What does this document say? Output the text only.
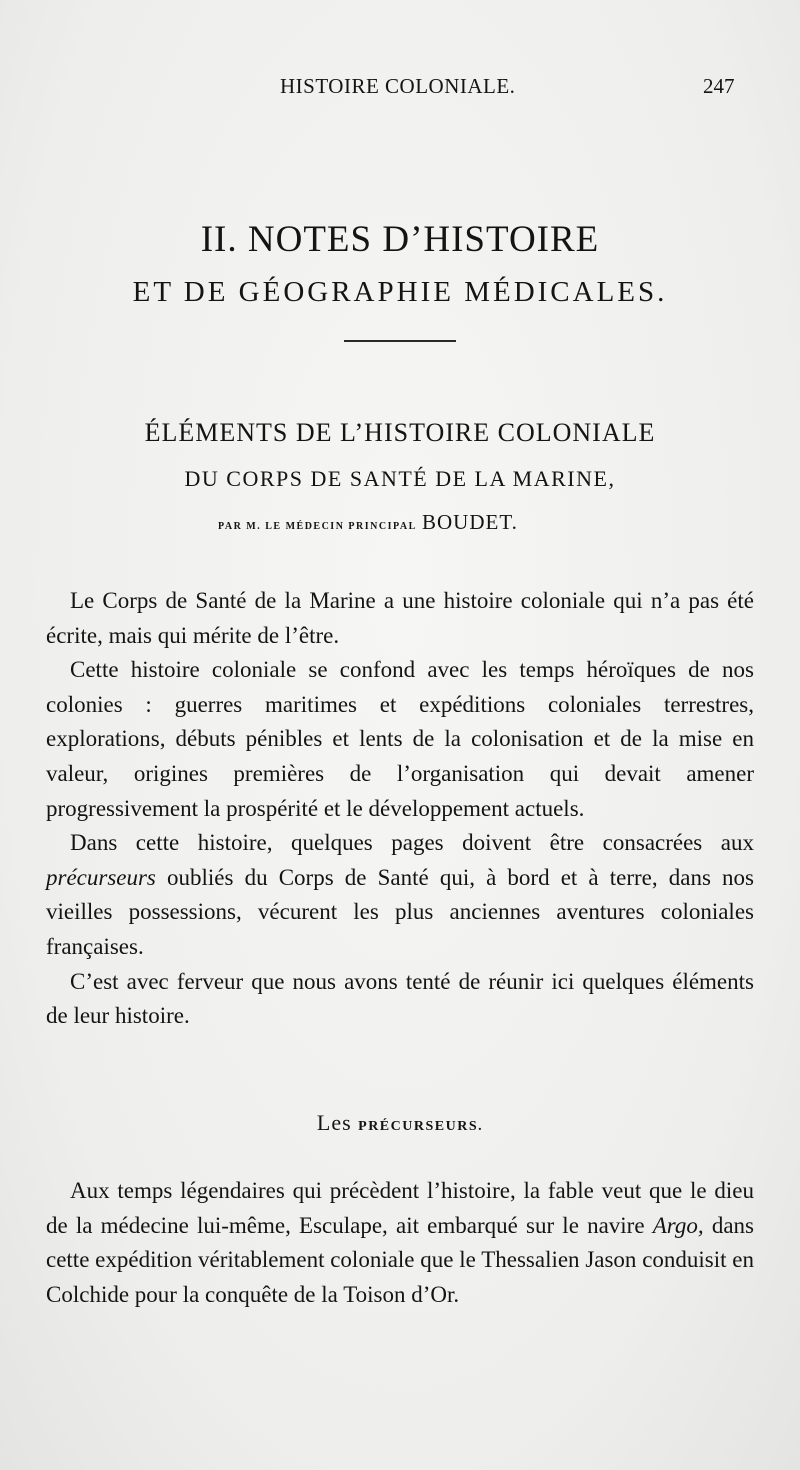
HISTOIRE COLONIALE.	247
II. NOTES D’HISTOIRE
ET DE GÉOGRAPHIE MÉDICALES.
ÉLÉMENTS DE L’HISTOIRE COLONIALE
DU CORPS DE SANTÉ DE LA MARINE,
PAR M. LE MÉDECIN PRINCIPAL BOUDET.

Le Corps de Santé de la Marine a une histoire coloniale qui n’a pas été écrite, mais qui mérite de l’être.

Cette histoire coloniale se confond avec les temps héroïques de nos colonies : guerres maritimes et expéditions coloniales terrestres, explorations, débuts pénibles et lents de la colonisation et de la mise en valeur, origines premières de l’organisation qui devait amener progressivement la prospérité et le développement actuels.

Dans cette histoire, quelques pages doivent être consacrées aux précurseurs oubliés du Corps de Santé qui, à bord et à terre, dans nos vieilles possessions, vécurent les plus anciennes aventures coloniales françaises.

C’est avec ferveur que nous avons tenté de réunir ici quelques éléments de leur histoire.

Les PRÉCURSEURS.

Aux temps légendaires qui précèdent l’histoire, la fable veut que le dieu de la médecine lui-même, Esculape, ait embarqué sur le navire Argo, dans cette expédition véritablement coloniale que le Thessalien Jason conduisit en Colchide pour la conquête de la Toison d’Or.
